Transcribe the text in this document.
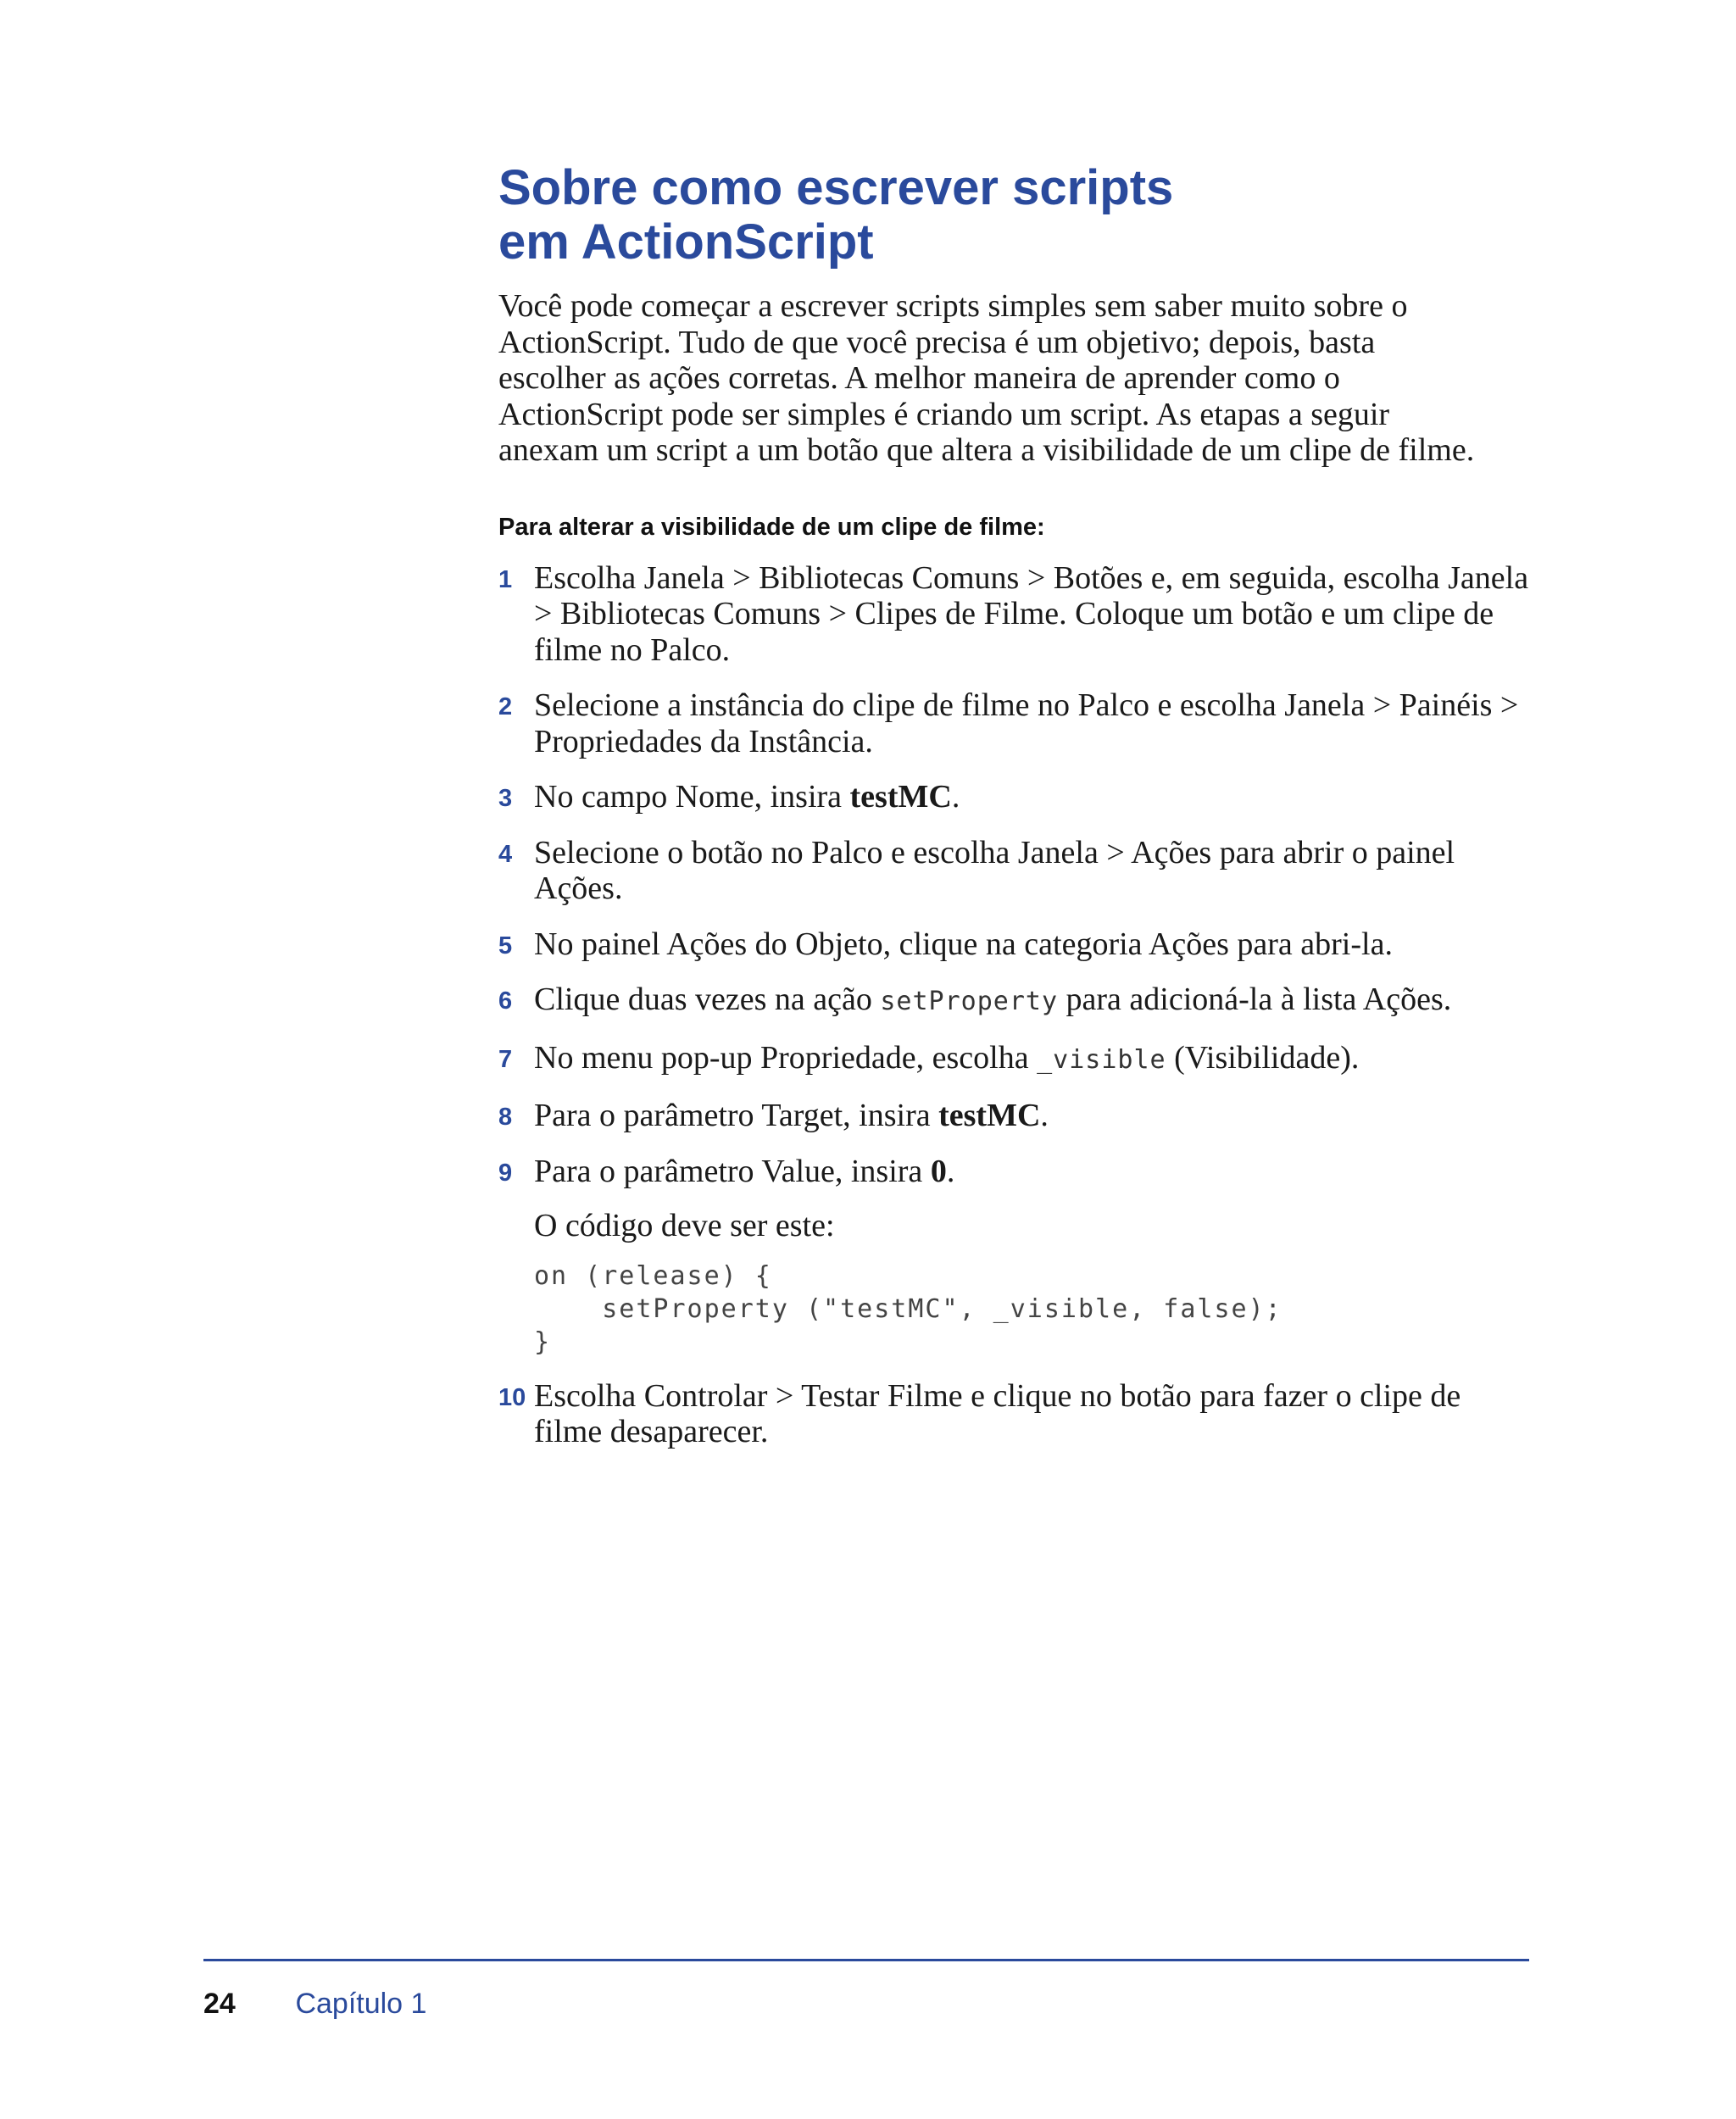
Sobre como escrever scripts
em ActionScript

Você pode começar a escrever scripts simples sem saber muito sobre o ActionScript. Tudo de que você precisa é um objetivo; depois, basta escolher as ações corretas. A melhor maneira de aprender como o ActionScript pode ser simples é criando um script. As etapas a seguir anexam um script a um botão que altera a visibilidade de um clipe de filme.

Para alterar a visibilidade de um clipe de filme:
1 Escolha Janela > Bibliotecas Comuns > Botões e, em seguida, escolha Janela > Bibliotecas Comuns > Clipes de Filme. Coloque um botão e um clipe de filme no Palco.
2 Selecione a instância do clipe de filme no Palco e escolha Janela > Painéis > Propriedades da Instância.
3 No campo Nome, insira testMC.
4 Selecione o botão no Palco e escolha Janela > Ações para abrir o painel Ações.
5 No painel Ações do Objeto, clique na categoria Ações para abri-la.
6 Clique duas vezes na ação setProperty para adicioná-la à lista Ações.
7 No menu pop-up Propriedade, escolha _visible (Visibilidade).
8 Para o parâmetro Target, insira testMC.
9 Para o parâmetro Value, insira 0.
O código deve ser este:
on (release) {
setProperty ("testMC", _visible, false);
}
10 Escolha Controlar > Testar Filme e clique no botão para fazer o clipe de filme desaparecer.
24 Capítulo 1
